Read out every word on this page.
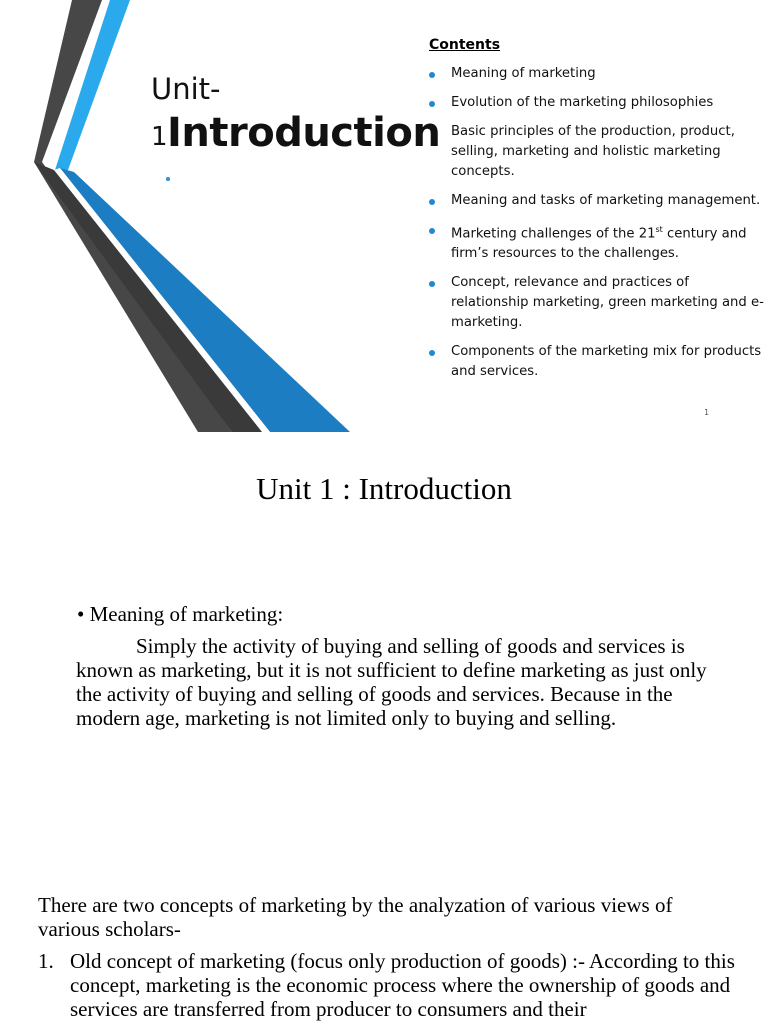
Unit-
1 Introduction
Contents
Meaning of marketing
Evolution of the marketing philosophies
Basic principles of the production, product, selling, marketing and holistic marketing concepts.
Meaning and tasks of marketing management.
Marketing challenges of the 21st century and firm’s resources to the challenges.
Concept, relevance and practices of relationship marketing, green marketing and e-marketing.
Components of the marketing mix for products and services.
1
Unit 1 : Introduction
• Meaning of marketing:
Simply the activity of buying and selling of goods and services is known as marketing, but it is not sufficient to define marketing as just only the activity of buying and selling of goods and services. Because in the modern age, marketing is not limited only to buying and selling.
There are two concepts of marketing by the analyzation of various views of various scholars-
1. Old concept of marketing (focus only production of goods) :- According to this concept, marketing is the economic process where the ownership of goods and services are transferred from producer to consumers and their
